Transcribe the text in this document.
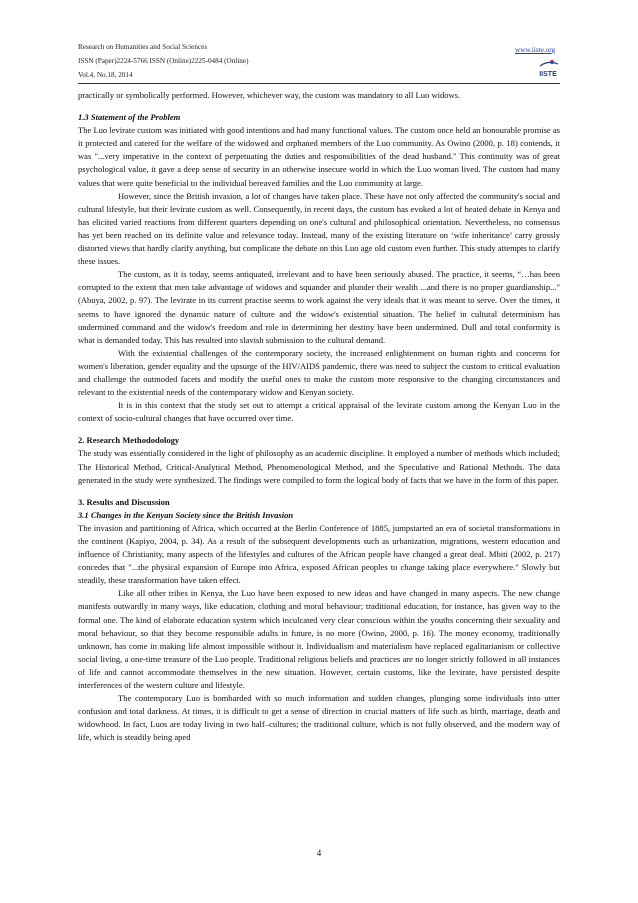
Research on Humanities and Social Sciences
ISSN (Paper)2224-5766 ISSN (Online)2225-0484 (Online)
Vol.4, No.18, 2014
www.iiste.org
IISTE

practically or symbolically performed. However, whichever way, the custom was mandatory to all Luo widows.

1.3 Statement of the Problem

The Luo levirate custom was initiated with good intentions and had many functional values. The custom once held an honourable promise as it protected and catered for the welfare of the widowed and orphaned members of the Luo community. As Owino (2000, p. 18) contends, it was "...very imperative in the context of perpetuating the duties and responsibilities of the dead husband." This continuity was of great psychological value, it gave a deep sense of security in an otherwise insecure world in which the Luo woman lived. The custom had many values that were quite beneficial to the individual bereaved families and the Luo community at large.

However, since the British invasion, a lot of changes have taken place. These have not only affected the community's social and cultural lifestyle, but their levirate custom as well. Consequently, in recent days, the custom has evoked a lot of heated debate in Kenya and has elicited varied reactions from different quarters depending on one's cultural and philosophical orientation. Nevertheless, no consensus has yet been reached on its definite value and relevance today. Instead, many of the existing literature on ‘wife inheritance’ carry grossly distorted views that hardly clarify anything, but complicate the debate on this Luo age old custom even further. This study attempts to clarify these issues.

The custom, as it is today, seems antiquated, irrelevant and to have been seriously abused. The practice, it seems, “…has been corrupted to the extent that men take advantage of widows and squander and plunder their wealth ...and there is no proper guardianship..." (Abuya, 2002, p. 97). The levirate in its current practise seems to work against the very ideals that it was meant to serve. Over the times, it seems to have ignored the dynamic nature of culture and the widow's existential situation. The belief in cultural determinism has undermined command and the widow's freedom and role in determining her destiny have been undermined. Dull and total conformity is what is demanded today. This has resulted into slavish submission to the cultural demand.

With the existential challenges of the contemporary society, the increased enlightenment on human rights and concerns for women's liberation, gender equality and the upsurge of the HIV/AIDS pandemic, there was need to subject the custom to critical evaluation and challenge the outmoded facets and modify the useful ones to make the custom more responsive to the changing circumstances and relevant to the existential needs of the contemporary widow and Kenyan society.

It is in this context that the study set out to attempt a critical appraisal of the levirate custom among the Kenyan Luo in the context of socio-cultural changes that have occurred over time.

2. Research Methododology

The study was essentially considered in the light of philosophy as an academic discipline. It employed a number of methods which included; The Historical Method, Critical-Analytical Method, Phenomenological Method, and the Speculative and Rational Methods. The data generated in the study were synthesized. The findings were compiled to form the logical body of facts that we have in the form of this paper.

3. Results and Discussion

3.1 Changes in the Kenyan Society since the British Invasion

The invasion and partitioning of Africa, which occurred at the Berlin Conference of 1885, jumpstarted an era of societal transformations in the continent (Kapiyo, 2004, p. 34). As a result of the subsequent developments such as urbanization, migrations, western education and influence of Christianity, many aspects of the lifestyles and cultures of the African people have changed a great deal. Mbiti (2002, p. 217) concedes that "...the physical expansion of Europe into Africa, exposed African peoples to change taking place everywhere." Slowly but steadily, these transformation have taken effect.

Like all other tribes in Kenya, the Luo have been exposed to new ideas and have changed in many aspects. The new change manifests outwardly in many ways, like education, clothing and moral behaviour; traditional education, for instance, has given way to the formal one. The kind of elaborate education system which inculcated very clear conscious within the youths concerning their sexuality and moral behaviour, so that they become responsible adults in future, is no more (Owino, 2000, p. 16). The money economy, traditionally unknown, has come in making life almost impossible without it. Individualism and materialism have replaced egalitarianism or collective social living, a one-time treasure of the Luo people. Traditional religious beliefs and practices are no longer strictly followed in all instances of life and cannot accommodate themselves in the new situation. However, certain customs, like the levirate, have persisted despite interferences of the western culture and lifestyle.

The contemporary Luo is bombarded with so much information and sudden changes, plunging some individuals into utter confusion and total darkness. At times, it is difficult to get a sense of direction in crucial matters of life such as birth, marriage, death and widowhood. In fact, Luos are today living in two half–cultures; the traditional culture, which is not fully observed, and the modern way of life, which is steadily being aped

4
